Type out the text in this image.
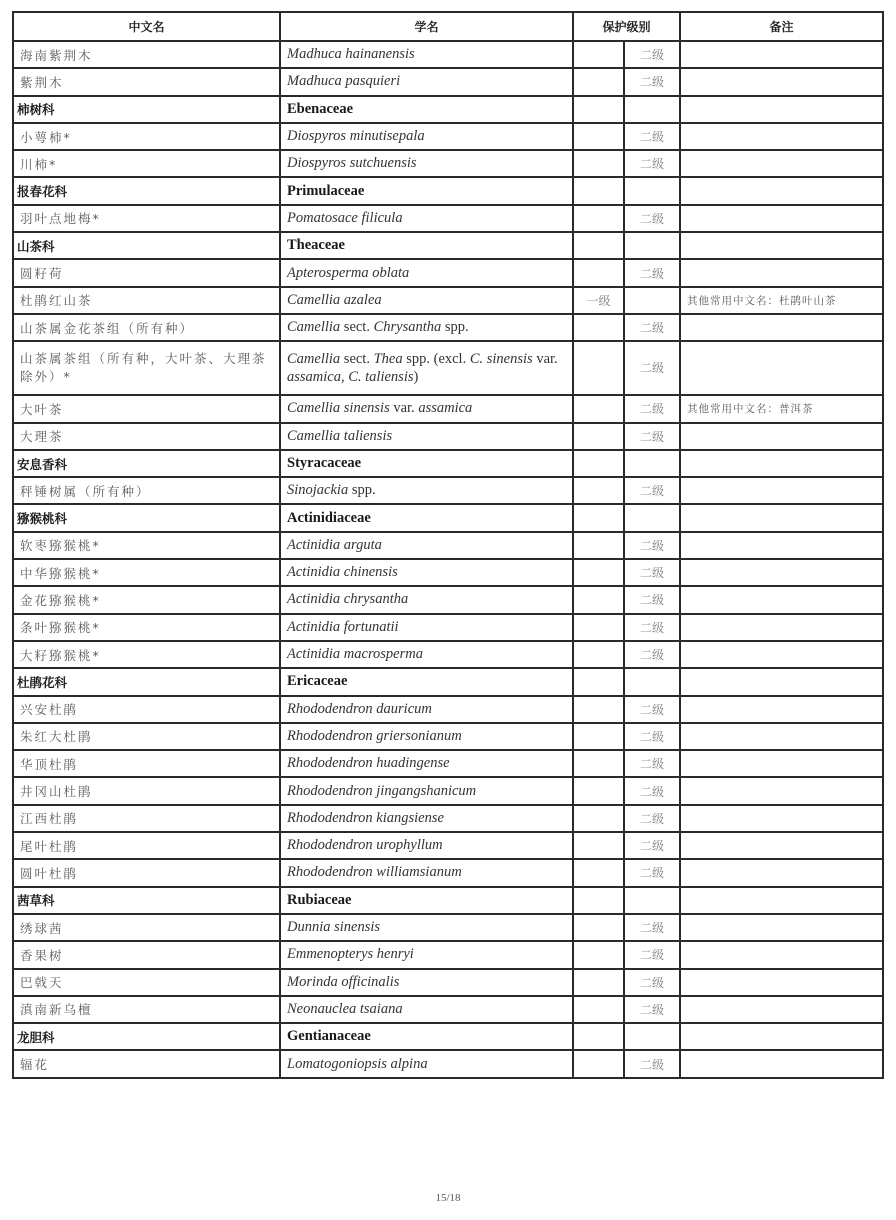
中文名	学名	保护级别		备注
海南紫荆木	Madhuca hainanensis		二级	
紫荆木	Madhuca pasquieri		二级	
柿树科	Ebenaceae			
小萼柿*	Diospyros minutisepala		二级	
川柿*	Diospyros sutchuensis		二级	
报春花科	Primulaceae			
羽叶点地梅*	Pomatosace filicula		二级	
山茶科	Theaceae			
圆籽荷	Apterosperma oblata		二级	
杜鹃红山茶	Camellia azalea	一级		其他常用中文名：杜鹃叶山茶
山茶属金花茶组（所有种）	Camellia sect. Chrysantha spp.		二级	
山茶属茶组（所有种，大叶茶、大理茶除外）*	Camellia sect. Thea spp. (excl. C. sinensis var. assamica, C. taliensis)		二级	
大叶茶	Camellia sinensis var. assamica		二级	其他常用中文名：普洱茶
大理茶	Camellia taliensis		二级	
安息香科	Styracaceae			
秤锤树属（所有种）	Sinojackia spp.		二级	
猕猴桃科	Actinidiaceae			
软枣猕猴桃*	Actinidia arguta		二级	
中华猕猴桃*	Actinidia chinensis		二级	
金花猕猴桃*	Actinidia chrysantha		二级	
条叶猕猴桃*	Actinidia fortunatii		二级	
大籽猕猴桃*	Actinidia macrosperma		二级	
杜鹃花科	Ericaceae			
兴安杜鹃	Rhododendron dauricum		二级	
朱红大杜鹃	Rhododendron griersonianum		二级	
华顶杜鹃	Rhododendron huadingense		二级	
井冈山杜鹃	Rhododendron jingangshanicum		二级	
江西杜鹃	Rhododendron kiangsiense		二级	
尾叶杜鹃	Rhododendron urophyllum		二级	
圆叶杜鹃	Rhododendron williamsianum		二级	
茜草科	Rubiaceae			
绣球茜	Dunnia sinensis		二级	
香果树	Emmenopterys henryi		二级	
巴戟天	Morinda officinalis		二级	
滇南新乌檀	Neonauclea tsaiana		二级	
龙胆科	Gentianaceae			
辐花	Lomatogoniopsis alpina		二级	
15/18
